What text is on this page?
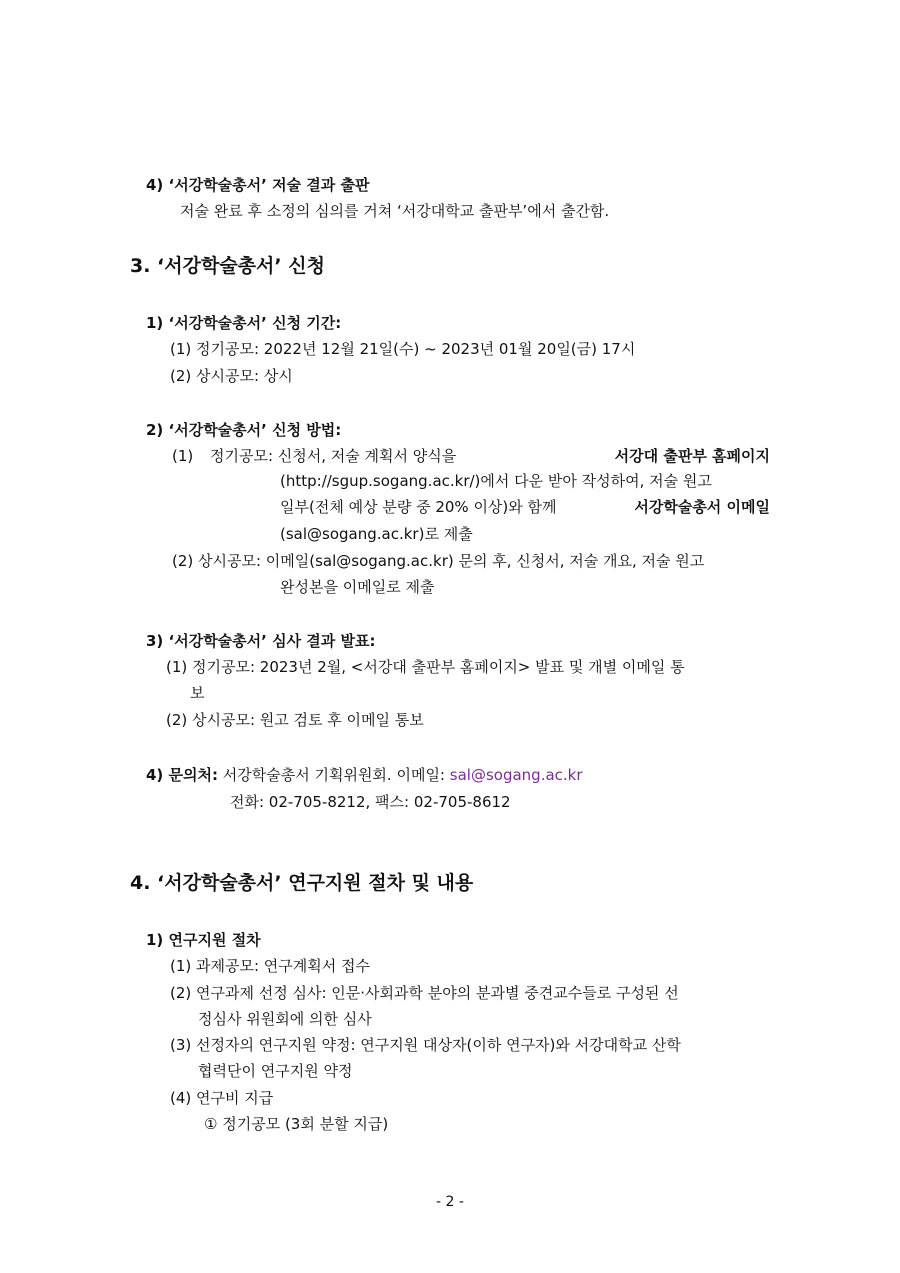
4) ‘서강학술총서’ 저술 결과 출판
저술 완료 후 소정의 심의를 거쳐 ‘서강대학교 출판부’에서 출간함.
3. ‘서강학술총서’ 신청
1) ‘서강학술총서’ 신청 기간:
(1) 정기공모: 2022년 12월 21일(수) ~ 2023년 01월 20일(금) 17시
(2) 상시공모: 상시
2) ‘서강학술총서’ 신청 방법:
(1) 정기공모: 신청서, 저술 계획서 양식을	서강대 출판부 홈페이지
(http://sgup.sogang.ac.kr/)에서 다운 받아 작성하여, 저술 원고
일부(전체 예상 분량 중 20% 이상)와 함께	서강학술총서 이메일
(sal@sogang.ac.kr)로 제출
(2) 상시공모: 이메일(sal@sogang.ac.kr) 문의 후, 신청서, 저술 개요, 저술 원고
완성본을 이메일로 제출
3) ‘서강학술총서’ 심사 결과 발표:
(1) 정기공모: 2023년 2월, <서강대 출판부 홈페이지> 발표 및 개별 이메일 통
보
(2) 상시공모: 원고 검토 후 이메일 통보
4) 문의처: 서강학술총서 기획위원회. 이메일: sal@sogang.ac.kr
전화: 02-705-8212, 팩스: 02-705-8612
4. ‘서강학술총서’ 연구지원 절차 및 내용
1) 연구지원 절차
(1) 과제공모: 연구계획서 접수
(2) 연구과제 선정 심사: 인문·사회과학 분야의 분과별 중견교수들로 구성된 선
정심사 위원회에 의한 심사
(3) 선정자의 연구지원 약정: 연구지원 대상자(이하 연구자)와 서강대학교 산학
협력단이 연구지원 약정
(4) 연구비 지급
① 정기공모 (3회 분할 지급)
- 2 -
